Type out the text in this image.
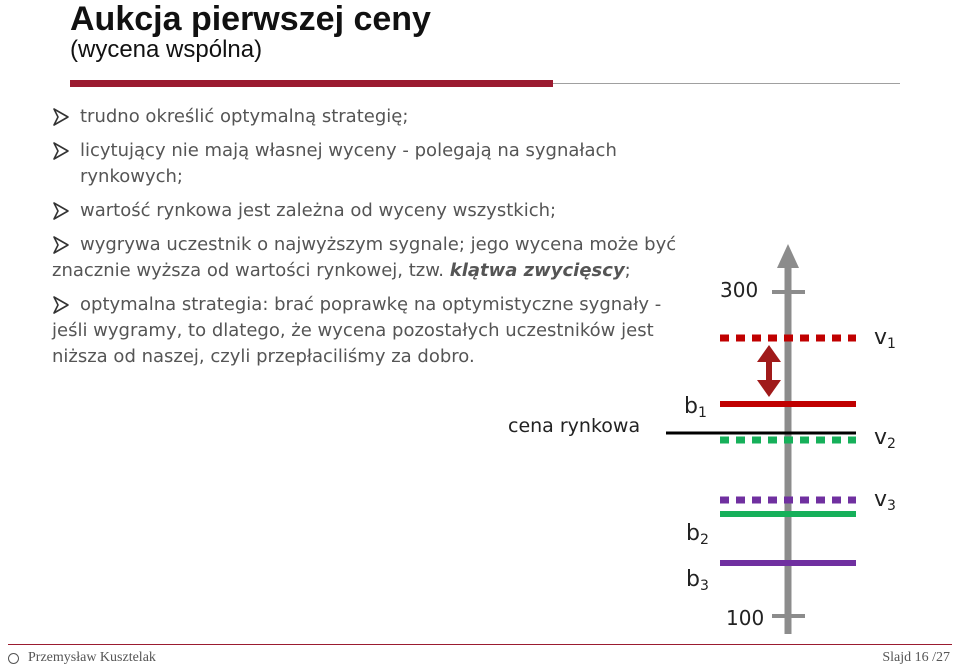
Aukcja pierwszej ceny
(wycena wspólna)
trudno określić optymalną strategię;
licytujący nie mają własnej wyceny - polegają na sygnałach rynkowych;
wartość rynkowa jest zależna od wyceny wszystkich;
wygrywa uczestnik o najwyższym sygnale; jego wycena może być znacznie wyższa od wartości rynkowej, tzw. klątwa zwycięscy;
optymalna strategia: brać poprawkę na optymistyczne sygnały - jeśli wygramy, to dlatego, że wycena pozostałych uczestników jest niższa od naszej, czyli przepłaciliśmy za dobro.
300
100
cena rynkowa
$v_1$
$v_2$
$v_3$
$b_1$
$b_2$
$b_3$
Przemysław Kusztelak	Slajd 16 /27
